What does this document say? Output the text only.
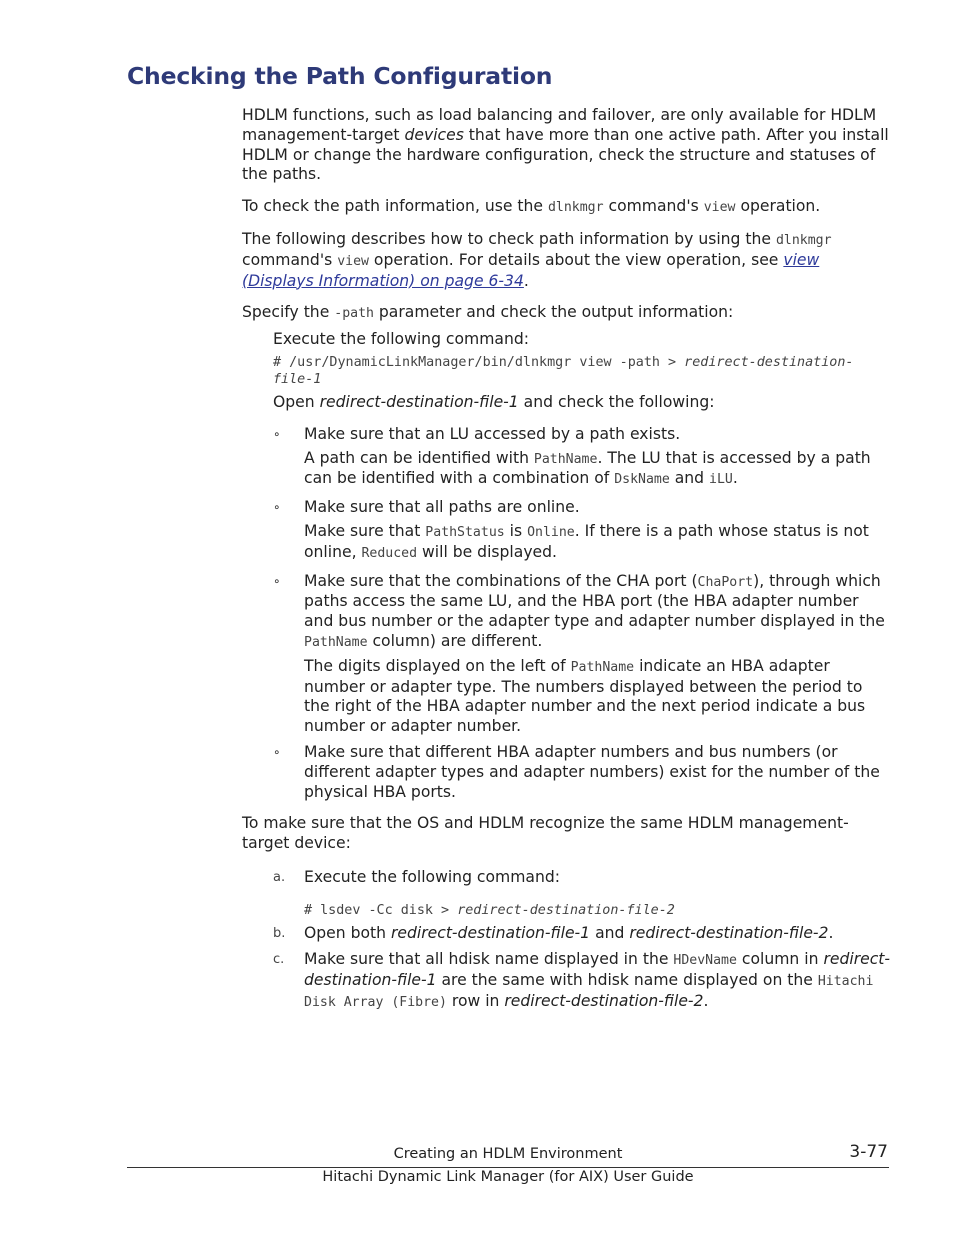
Checking the Path Configuration

HDLM functions, such as load balancing and failover, are only available for HDLM management-target devices that have more than one active path. After you install HDLM or change the hardware configuration, check the structure and statuses of the paths.

To check the path information, use the dlnkmgr command's view operation.

The following describes how to check path information by using the dlnkmgr command's view operation. For details about the view operation, see view (Displays Information) on page 6-34.

Specify the -path parameter and check the output information:

Execute the following command:

# /usr/DynamicLinkManager/bin/dlnkmgr view -path > redirect-destination-file-1

Open redirect-destination-file-1 and check the following:

∘ Make sure that an LU accessed by a path exists.

A path can be identified with PathName. The LU that is accessed by a path can be identified with a combination of DskName and iLU.

∘ Make sure that all paths are online.

Make sure that PathStatus is Online. If there is a path whose status is not online, Reduced will be displayed.

∘ Make sure that the combinations of the CHA port (ChaPort), through which paths access the same LU, and the HBA port (the HBA adapter number and bus number or the adapter type and adapter number displayed in the PathName column) are different.

The digits displayed on the left of PathName indicate an HBA adapter number or adapter type. The numbers displayed between the period to the right of the HBA adapter number and the next period indicate a bus number or adapter number.

∘ Make sure that different HBA adapter numbers and bus numbers (or different adapter types and adapter numbers) exist for the number of the physical HBA ports.

To make sure that the OS and HDLM recognize the same HDLM management-target device:

a. Execute the following command:

# lsdev -Cc disk > redirect-destination-file-2

b. Open both redirect-destination-file-1 and redirect-destination-file-2.

c. Make sure that all hdisk name displayed in the HDevName column in redirect-destination-file-1 are the same with hdisk name displayed on the Hitachi Disk Array (Fibre) row in redirect-destination-file-2.

Creating an HDLM Environment	3-77
Hitachi Dynamic Link Manager (for AIX) User Guide
